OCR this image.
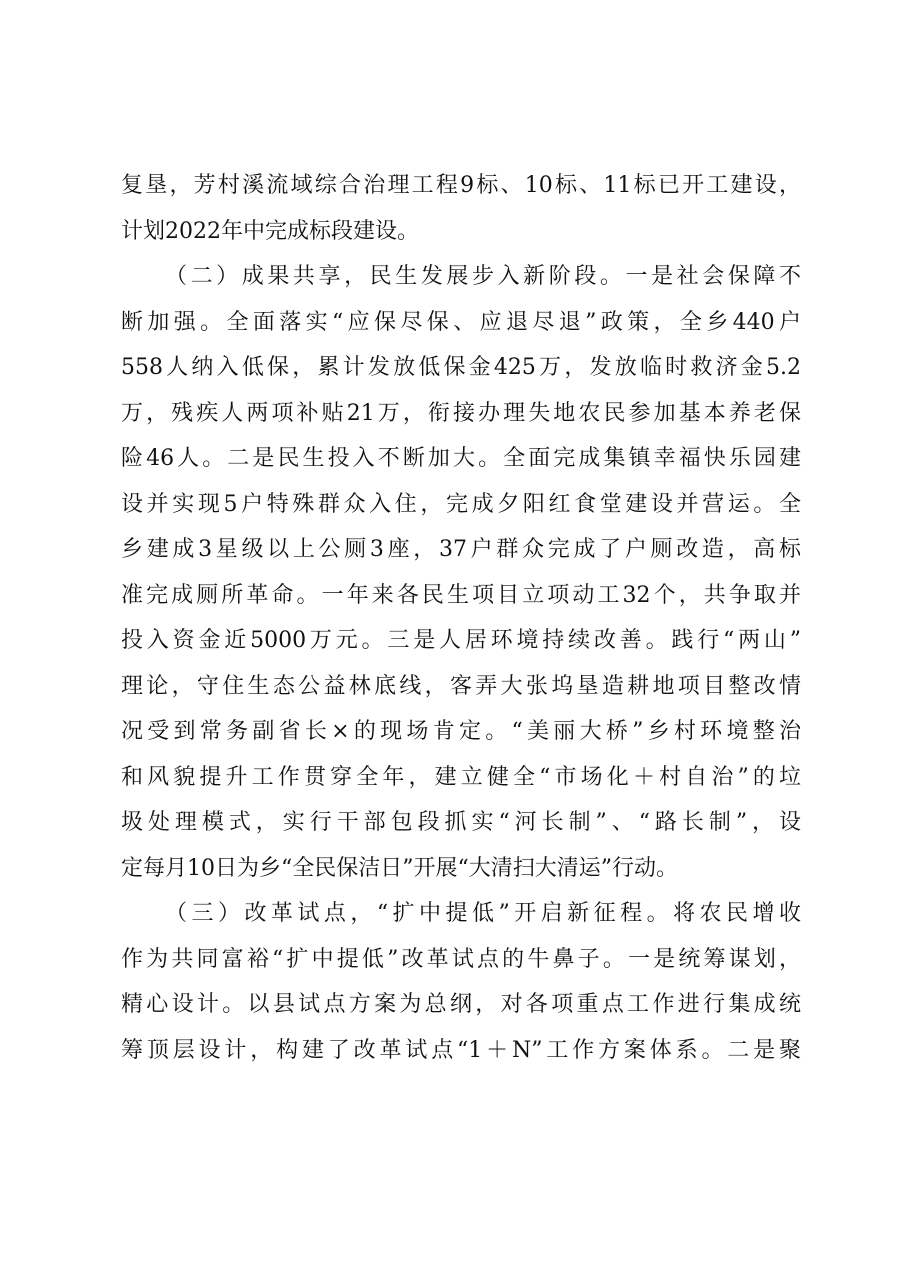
复垦，芳村溪流域综合治理工程9标、10标、11标已开工建设，
计划2022年中完成标段建设。
（二）成果共享，民生发展步入新阶段。一是社会保障不
断加强。全面落实“应保尽保、应退尽退”政策，全乡440户
558人纳入低保，累计发放低保金425万，发放临时救济金5.2
万，残疾人两项补贴21万，衔接办理失地农民参加基本养老保
险46人。二是民生投入不断加大。全面完成集镇幸福快乐园建
设并实现5户特殊群众入住，完成夕阳红食堂建设并营运。全
乡建成3星级以上公厕3座，37户群众完成了户厕改造，高标
准完成厕所革命。一年来各民生项目立项动工32个，共争取并
投入资金近5000万元。三是人居环境持续改善。践行“两山”
理论，守住生态公益林底线，客弄大张坞垦造耕地项目整改情
况受到常务副省长×的现场肯定。“美丽大桥”乡村环境整治
和风貌提升工作贯穿全年，建立健全“市场化＋村自治”的垃
圾处理模式，实行干部包段抓实“河长制”、“路长制”，设
定每月10日为乡“全民保洁日”开展“大清扫大清运”行动。
（三）改革试点，“扩中提低”开启新征程。将农民增收
作为共同富裕“扩中提低”改革试点的牛鼻子。一是统筹谋划，
精心设计。以县试点方案为总纲，对各项重点工作进行集成统
筹顶层设计，构建了改革试点“1＋N”工作方案体系。二是聚
